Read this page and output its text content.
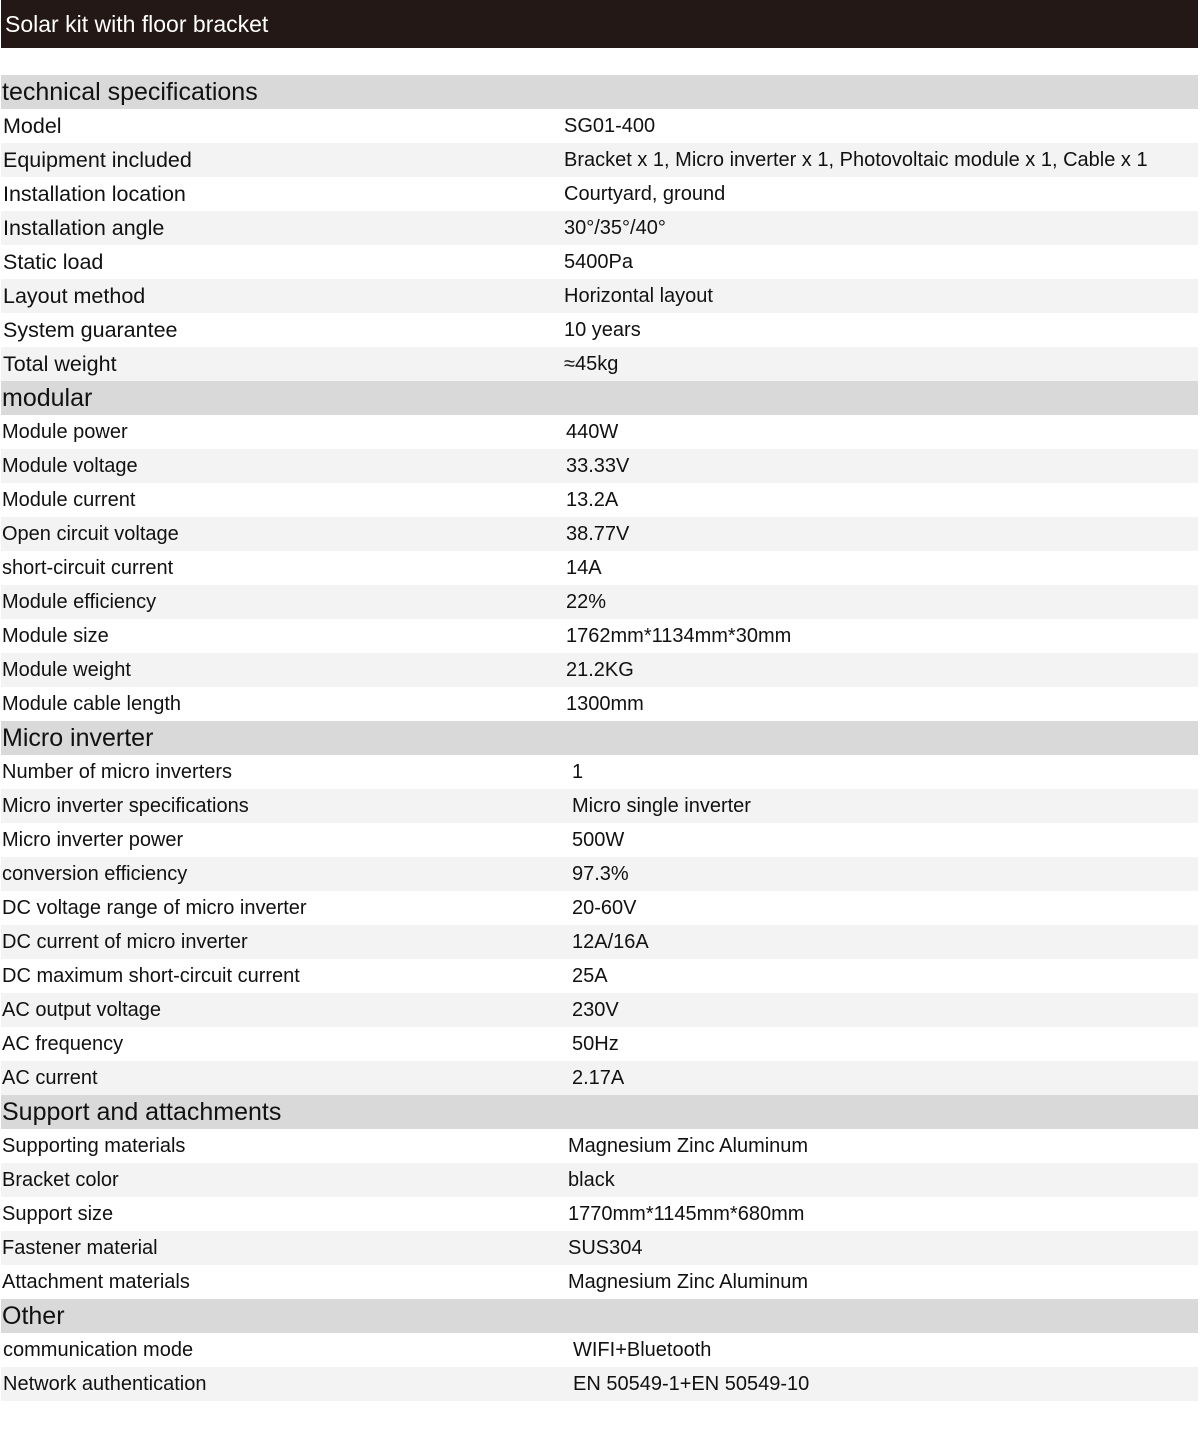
Solar kit with floor bracket
technical specifications
Model	SG01-400
Equipment included	Bracket x 1, Micro inverter x 1, Photovoltaic module x 1, Cable x 1
Installation location	Courtyard, ground
Installation angle	30°/35°/40°
Static load	5400Pa
Layout method	Horizontal layout
System guarantee	10 years
Total weight	≈45kg
modular
Module power	440W
Module voltage	33.33V
Module current	13.2A
Open circuit voltage	38.77V
short-circuit current	14A
Module efficiency	22%
Module size	1762mm*1134mm*30mm
Module weight	21.2KG
Module cable length	1300mm
Micro inverter
Number of micro inverters	1
Micro inverter specifications	Micro single inverter
Micro inverter power	500W
conversion efficiency	97.3%
DC voltage range of micro inverter	20-60V
DC current of micro inverter	12A/16A
DC maximum short-circuit current	25A
AC output voltage	230V
AC frequency	50Hz
AC current	2.17A
Support and attachments
Supporting materials	Magnesium Zinc Aluminum
Bracket color	black
Support size	1770mm*1145mm*680mm
Fastener material	SUS304
Attachment materials	Magnesium Zinc Aluminum
Other
communication mode	WIFI+Bluetooth
Network authentication	EN 50549-1+EN 50549-10
